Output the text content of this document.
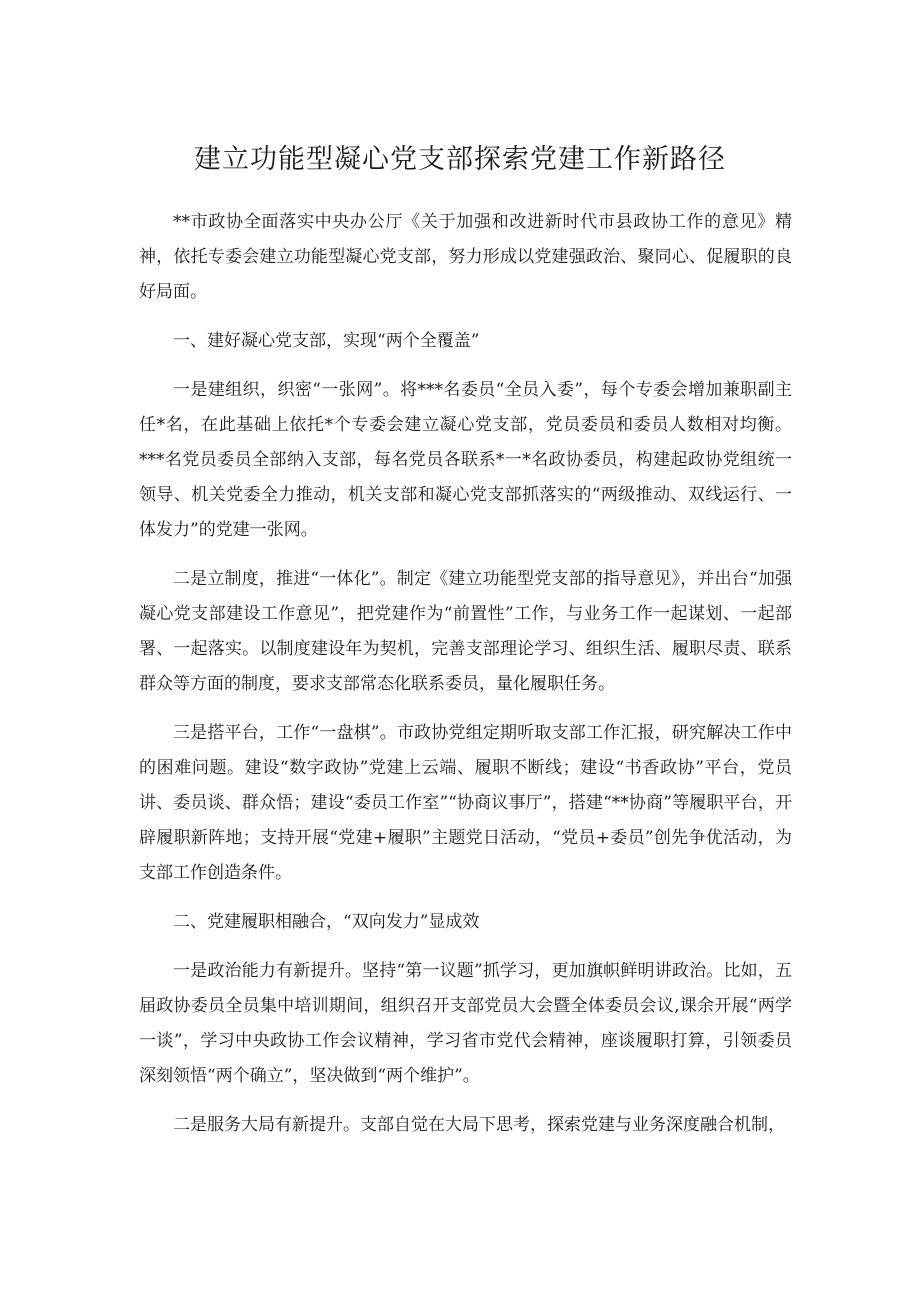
建立功能型凝心党支部探索党建工作新路径

**市政协全面落实中央办公厅《关于加强和改进新时代市县政协工作的意见》精神，依托专委会建立功能型凝心党支部，努力形成以党建强政治、聚同心、促履职的良好局面。

一、建好凝心党支部，实现“两个全覆盖”

一是建组织，织密“一张网”。将***名委员“全员入委”，每个专委会增加兼职副主任*名，在此基础上依托*个专委会建立凝心党支部，党员委员和委员人数相对均衡。***名党员委员全部纳入支部，每名党员各联系*一*名政协委员，构建起政协党组统一领导、机关党委全力推动，机关支部和凝心党支部抓落实的“两级推动、双线运行、一体发力”的党建一张网。

二是立制度，推进“一体化”。制定《建立功能型党支部的指导意见》，并出台“加强凝心党支部建设工作意见”，把党建作为“前置性”工作，与业务工作一起谋划、一起部署、一起落实。以制度建设年为契机，完善支部理论学习、组织生活、履职尽责、联系群众等方面的制度，要求支部常态化联系委员，量化履职任务。

三是搭平台，工作“一盘棋”。市政协党组定期听取支部工作汇报，研究解决工作中的困难问题。建设“数字政协”党建上云端、履职不断线；建设“书香政协”平台，党员讲、委员谈、群众悟；建设“委员工作室”“协商议事厅”，搭建“**协商”等履职平台，开辟履职新阵地；支持开展“党建+履职”主题党日活动，“党员+委员”创先争优活动，为支部工作创造条件。

二、党建履职相融合，“双向发力”显成效

一是政治能力有新提升。坚持“第一议题”抓学习，更加旗帜鲜明讲政治。比如，五届政协委员全员集中培训期间，组织召开支部党员大会暨全体委员会议,课余开展“两学一谈”，学习中央政协工作会议精神，学习省市党代会精神，座谈履职打算，引领委员深刻领悟“两个确立”，坚决做到“两个维护”。

二是服务大局有新提升。支部自觉在大局下思考，探索党建与业务深度融合机制，
